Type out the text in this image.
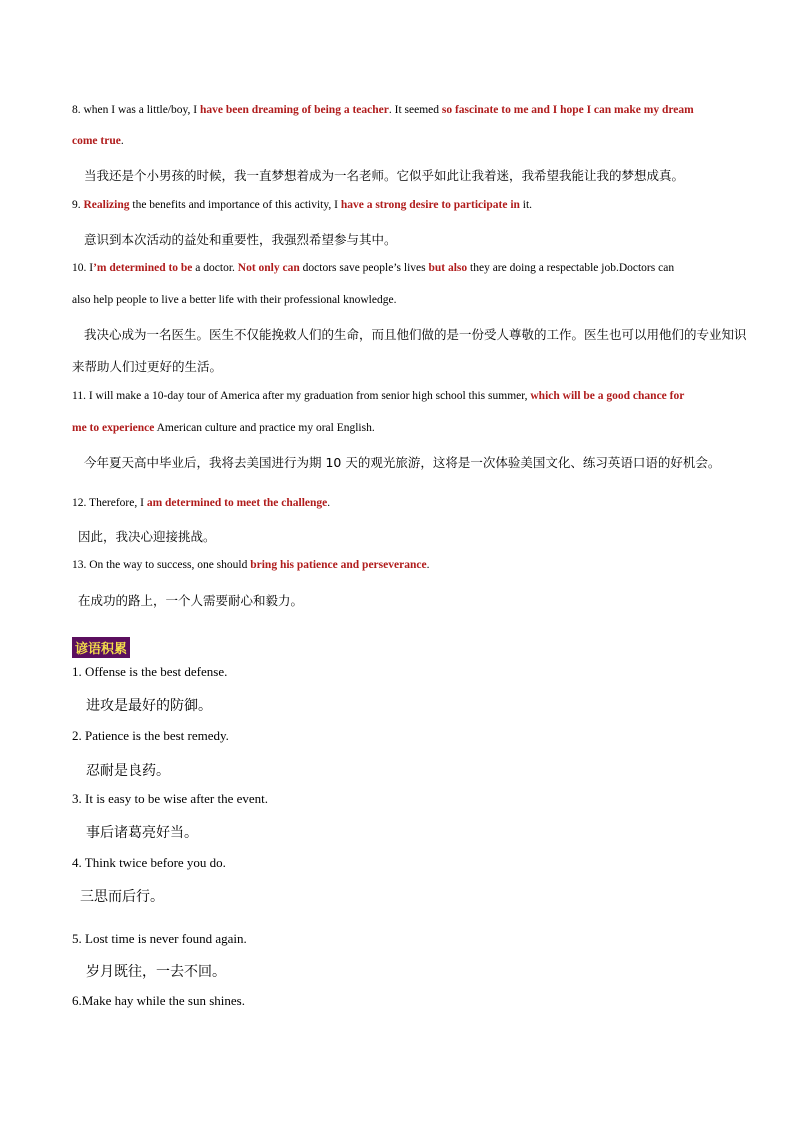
8. when I was a little/boy, I have been dreaming of being a teacher. It seemed so fascinate to me and I hope I can make my dream
come true.
当我还是个小男孩的时候，我一直梦想着成为一名老师。它似乎如此让我着迷，我希望我能让我的梦想成真。
9. Realizing the benefits and importance of this activity, I have a strong desire to participate in it.
意识到本次活动的益处和重要性，我强烈希望参与其中。
10. I’m determined to be a doctor. Not only can doctors save people’s lives but also they are doing a respectable job.Doctors can
also help people to live a better life with their professional knowledge.
我决心成为一名医生。医生不仅能挽救人们的生命，而且他们做的是一份受人尊敬的工作。医生也可以用他们的专业知识
来帮助人们过更好的生活。
11. I will make a 10-day tour of America after my graduation from senior high school this summer, which will be a good chance for
me to experience American culture and practice my oral English.
今年夏天高中毕业后，我将去美国进行为期 10 天的观光旅游，这将是一次体验美国文化、练习英语口语的好机会。
12. Therefore, I am determined to meet the challenge.
因此，我决心迎接挑战。
13. On the way to success, one should bring his patience and perseverance.
在成功的路上，一个人需要耐心和毅力。
谚语积累
1. Offense is the best defense.
进攻是最好的防御。
2. Patience is the best remedy.
忍耐是良药。
3. It is easy to be wise after the event.
事后诸葛亮好当。
4. Think twice before you do.
三思而后行。
5. Lost time is never found again.
岁月既往，一去不回。
6.Make hay while the sun shines.
